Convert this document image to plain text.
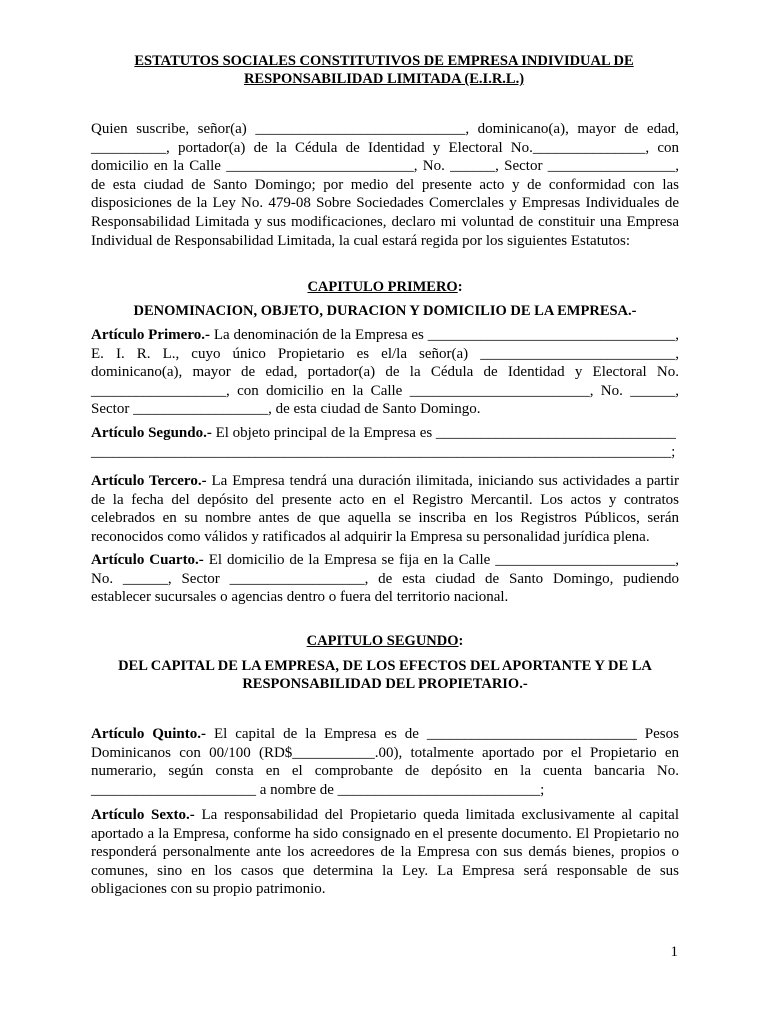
ESTATUTOS SOCIALES CONSTITUTIVOS DE EMPRESA INDIVIDUAL DE
RESPONSABILIDAD LIMITADA (E.I.R.L.)
Quien suscribe, señor(a) ____________________________, dominicano(a), mayor de edad,
__________, portador(a) de la Cédula de Identidad y Electoral No._______________, con
domicilio en la Calle _________________________, No. ______, Sector _________________,
de esta ciudad de Santo Domingo; por medio del presente acto y de conformidad con las
disposiciones de la Ley No. 479-08 Sobre Sociedades Comerclales y Empresas Individuales de
Responsabilidad Limitada y sus modificaciones, declaro mi voluntad de constituir una Empresa
Individual de Responsabilidad Limitada, la cual estará regida por los siguientes Estatutos:
CAPITULO PRIMERO:
DENOMINACION, OBJETO, DURACION Y DOMICILIO DE LA EMPRESA.-
Artículo Primero.- La denominación de la Empresa es _________________________________,
E. I. R. L., cuyo único Propietario es el/la señor(a) __________________________,
dominicano(a), mayor de edad, portador(a) de la Cédula de Identidad y Electoral No.
__________________, con domicilio en la Calle ________________________, No. ______,
Sector __________________, de esta ciudad de Santo Domingo.
Artículo Segundo.- El objeto principal de la Empresa es ________________________________
_________________________________________________________________________________;
Artículo Tercero.- La Empresa tendrá una duración ilimitada, iniciando sus actividades a partir
de la fecha del depósito del presente acto en el Registro Mercantil. Los actos y contratos
celebrados en su nombre antes de que aquella se inscriba en los Registros Públicos, serán
reconocidos como válidos y ratificados al adquirir la Empresa su personalidad jurídica plena.
Artículo Cuarto.- El domicilio de la Empresa se fija en la Calle ________________________,
No. ______, Sector __________________, de esta ciudad de Santo Domingo, pudiendo
establecer sucursales o agencias dentro o fuera del territorio nacional.
CAPITULO SEGUNDO:
DEL CAPITAL DE LA EMPRESA, DE LOS EFECTOS DEL APORTANTE Y DE LA
RESPONSABILIDAD DEL PROPIETARIO.-
Artículo Quinto.- El capital de la Empresa es de ____________________________ Pesos
Dominicanos con 00/100 (RD$___________.00), totalmente aportado por el Propietario en
numerario, según consta en el comprobante de depósito en la cuenta bancaria No.
______________________ a nombre de ___________________________;
Artículo Sexto.- La responsabilidad del Propietario queda limitada exclusivamente al capital
aportado a la Empresa, conforme ha sido consignado en el presente documento. El Propietario no
responderá personalmente ante los acreedores de la Empresa con sus demás bienes, propios o
comunes, sino en los casos que determina la Ley. La Empresa será responsable de sus
obligaciones con su propio patrimonio.
1
